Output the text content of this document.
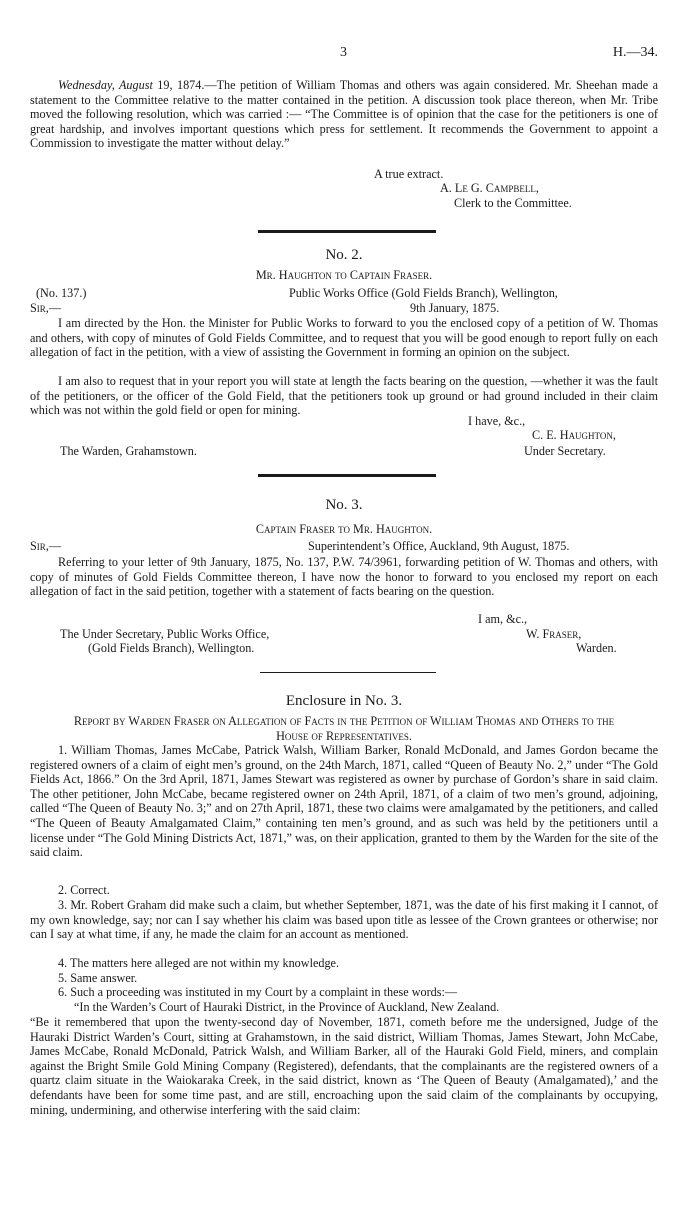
3	H.—34.
Wednesday, August 19, 1874.—The petition of William Thomas and others was again considered. Mr. Sheehan made a statement to the Committee relative to the matter contained in the petition. A discussion took place thereon, when Mr. Tribe moved the following resolution, which was carried :— “The Committee is of opinion that the case for the petitioners is one of great hardship, and involves important questions which press for settlement. It recommends the Government to appoint a Commission to investigate the matter without delay.”
A true extract.
A. Le G. Campbell,
Clerk to the Committee.
No. 2.
Mr. Haughton to Captain Fraser.
(No. 137.)	Public Works Office (Gold Fields Branch), Wellington,
Sir,—	9th January, 1875.
I am directed by the Hon. the Minister for Public Works to forward to you the enclosed copy of a petition of W. Thomas and others, with copy of minutes of Gold Fields Committee, and to request that you will be good enough to report fully on each allegation of fact in the petition, with a view of assisting the Government in forming an opinion on the subject.
I am also to request that in your report you will state at length the facts bearing on the question, —whether it was the fault of the petitioners, or the officer of the Gold Field, that the petitioners took up ground or had ground included in their claim which was not within the gold field or open for mining.
I have, &c.,
C. E. Haughton,
The Warden, Grahamstown.	Under Secretary.
No. 3.
Captain Fraser to Mr. Haughton.
Sir,—	Superintendent’s Office, Auckland, 9th August, 1875.
Referring to your letter of 9th January, 1875, No. 137, P.W. 74/3961, forwarding petition of W. Thomas and others, with copy of minutes of Gold Fields Committee thereon, I have now the honor to forward to you enclosed my report on each allegation of fact in the said petition, together with a statement of facts bearing on the question.
I am, &c.,
The Under Secretary, Public Works Office,	W. Fraser,
(Gold Fields Branch), Wellington.	Warden.
Enclosure in No. 3.
Report by Warden Fraser on Allegation of Facts in the Petition of William Thomas and Others to the House of Representatives.
1. William Thomas, James McCabe, Patrick Walsh, William Barker, Ronald McDonald, and James Gordon became the registered owners of a claim of eight men’s ground, on the 24th March, 1871, called “Queen of Beauty No. 2,” under “The Gold Fields Act, 1866.” On the 3rd April, 1871, James Stewart was registered as owner by purchase of Gordon’s share in said claim. The other petitioner, John McCabe, became registered owner on 24th April, 1871, of a claim of two men’s ground, adjoining, called “The Queen of Beauty No. 3;” and on 27th April, 1871, these two claims were amalgamated by the petitioners, and called “The Queen of Beauty Amalgamated Claim,” containing ten men’s ground, and as such was held by the petitioners until a license under “The Gold Mining Districts Act, 1871,” was, on their application, granted to them by the Warden for the site of the said claim.
2. Correct.
3. Mr. Robert Graham did make such a claim, but whether September, 1871, was the date of his first making it I cannot, of my own knowledge, say; nor can I say whether his claim was based upon title as lessee of the Crown grantees or otherwise; nor can I say at what time, if any, he made the claim for an account as mentioned.
4. The matters here alleged are not within my knowledge.
5. Same answer.
6. Such a proceeding was instituted in my Court by a complaint in these words:—
“In the Warden’s Court of Hauraki District, in the Province of Auckland, New Zealand.
“Be it remembered that upon the twenty-second day of November, 1871, cometh before me the undersigned, Judge of the Hauraki District Warden’s Court, sitting at Grahamstown, in the said district, William Thomas, James Stewart, John McCabe, James McCabe, Ronald McDonald, Patrick Walsh, and William Barker, all of the Hauraki Gold Field, miners, and complain against the Bright Smile Gold Mining Company (Registered), defendants, that the complainants are the registered owners of a quartz claim situate in the Waiokaraka Creek, in the said district, known as ‘The Queen of Beauty (Amalgamated),’ and the defendants have been for some time past, and are still, encroaching upon the said claim of the complainants by occupying, mining, undermining, and otherwise interfering with the said claim:
